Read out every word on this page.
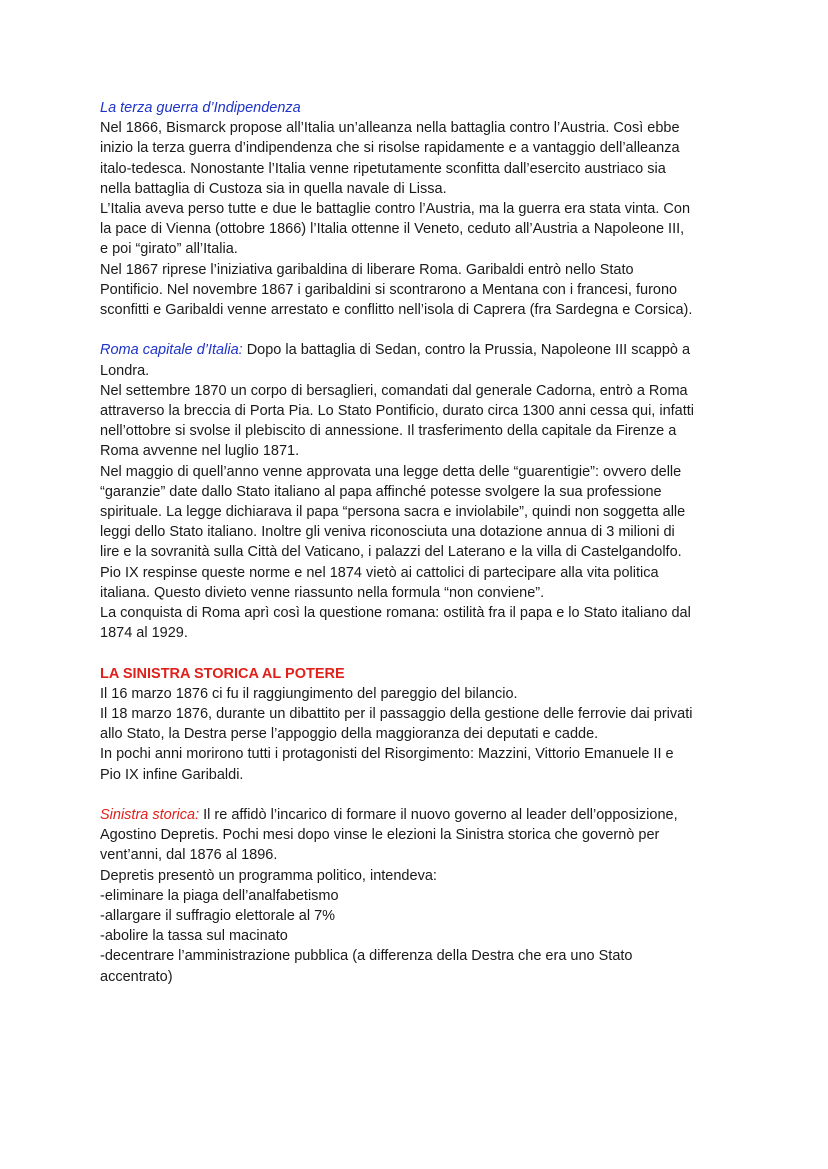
La terza guerra d’Indipendenza

Nel 1866, Bismarck propose all’Italia un’alleanza nella battaglia contro l’Austria. Così ebbe

inizio la terza guerra d’indipendenza che si risolse rapidamente e a vantaggio dell’alleanza

italo-tedesca. Nonostante l’Italia venne ripetutamente sconfitta dall’esercito austriaco sia

nella battaglia di Custoza sia in quella navale di Lissa.

L’Italia aveva perso tutte e due le battaglie contro l’Austria, ma la guerra era stata vinta. Con

la pace di Vienna (ottobre 1866) l’Italia ottenne il Veneto, ceduto all’Austria a Napoleone III,

e poi “girato” all’Italia.

Nel 1867 riprese l’iniziativa garibaldina di liberare Roma. Garibaldi entrò nello Stato

Pontificio. Nel novembre 1867 i garibaldini si scontrarono a Mentana con i francesi, furono

sconfitti e Garibaldi venne arrestato e conflitto nell’isola di Caprera (fra Sardegna e Corsica).

Roma capitale d’Italia: Dopo la battaglia di Sedan, contro la Prussia, Napoleone III scappò a

Londra.

Nel settembre 1870 un corpo di bersaglieri, comandati dal generale Cadorna, entrò a Roma

attraverso la breccia di Porta Pia. Lo Stato Pontificio, durato circa 1300 anni cessa qui, infatti

nell’ottobre si svolse il plebiscito di annessione. Il trasferimento della capitale da Firenze a

Roma avvenne nel luglio 1871.

Nel maggio di quell’anno venne approvata una legge detta delle “guarentigie”: ovvero delle

“garanzie” date dallo Stato italiano al papa affinché potesse svolgere la sua professione

spirituale. La legge dichiarava il papa “persona sacra e inviolabile”, quindi non soggetta alle

leggi dello Stato italiano. Inoltre gli veniva riconosciuta una dotazione annua di 3 milioni di

lire e la sovranità sulla Città del Vaticano, i palazzi del Laterano e la villa di Castelgandolfo.

Pio IX respinse queste norme e nel 1874 vietò ai cattolici di partecipare alla vita politica

italiana. Questo divieto venne riassunto nella formula “non conviene”.

La conquista di Roma aprì così la questione romana: ostilità fra il papa e lo Stato italiano dal

1874 al 1929.

LA SINISTRA STORICA AL POTERE

Il 16 marzo 1876 ci fu il raggiungimento del pareggio del bilancio.

Il 18 marzo 1876, durante un dibattito per il passaggio della gestione delle ferrovie dai privati

allo Stato, la Destra perse l’appoggio della maggioranza dei deputati e cadde.

In pochi anni morirono tutti i protagonisti del Risorgimento: Mazzini, Vittorio Emanuele II e

Pio IX infine Garibaldi.

Sinistra storica: Il re affidò l’incarico di formare il nuovo governo al leader dell’opposizione,

Agostino Depretis. Pochi mesi dopo vinse le elezioni la Sinistra storica che governò per

vent’anni, dal 1876 al 1896.

Depretis presentò un programma politico, intendeva:

-eliminare la piaga dell’analfabetismo

-allargare il suffragio elettorale al 7%

-abolire la tassa sul macinato

-decentrare l’amministrazione pubblica (a differenza della Destra che era uno Stato

accentrato)
